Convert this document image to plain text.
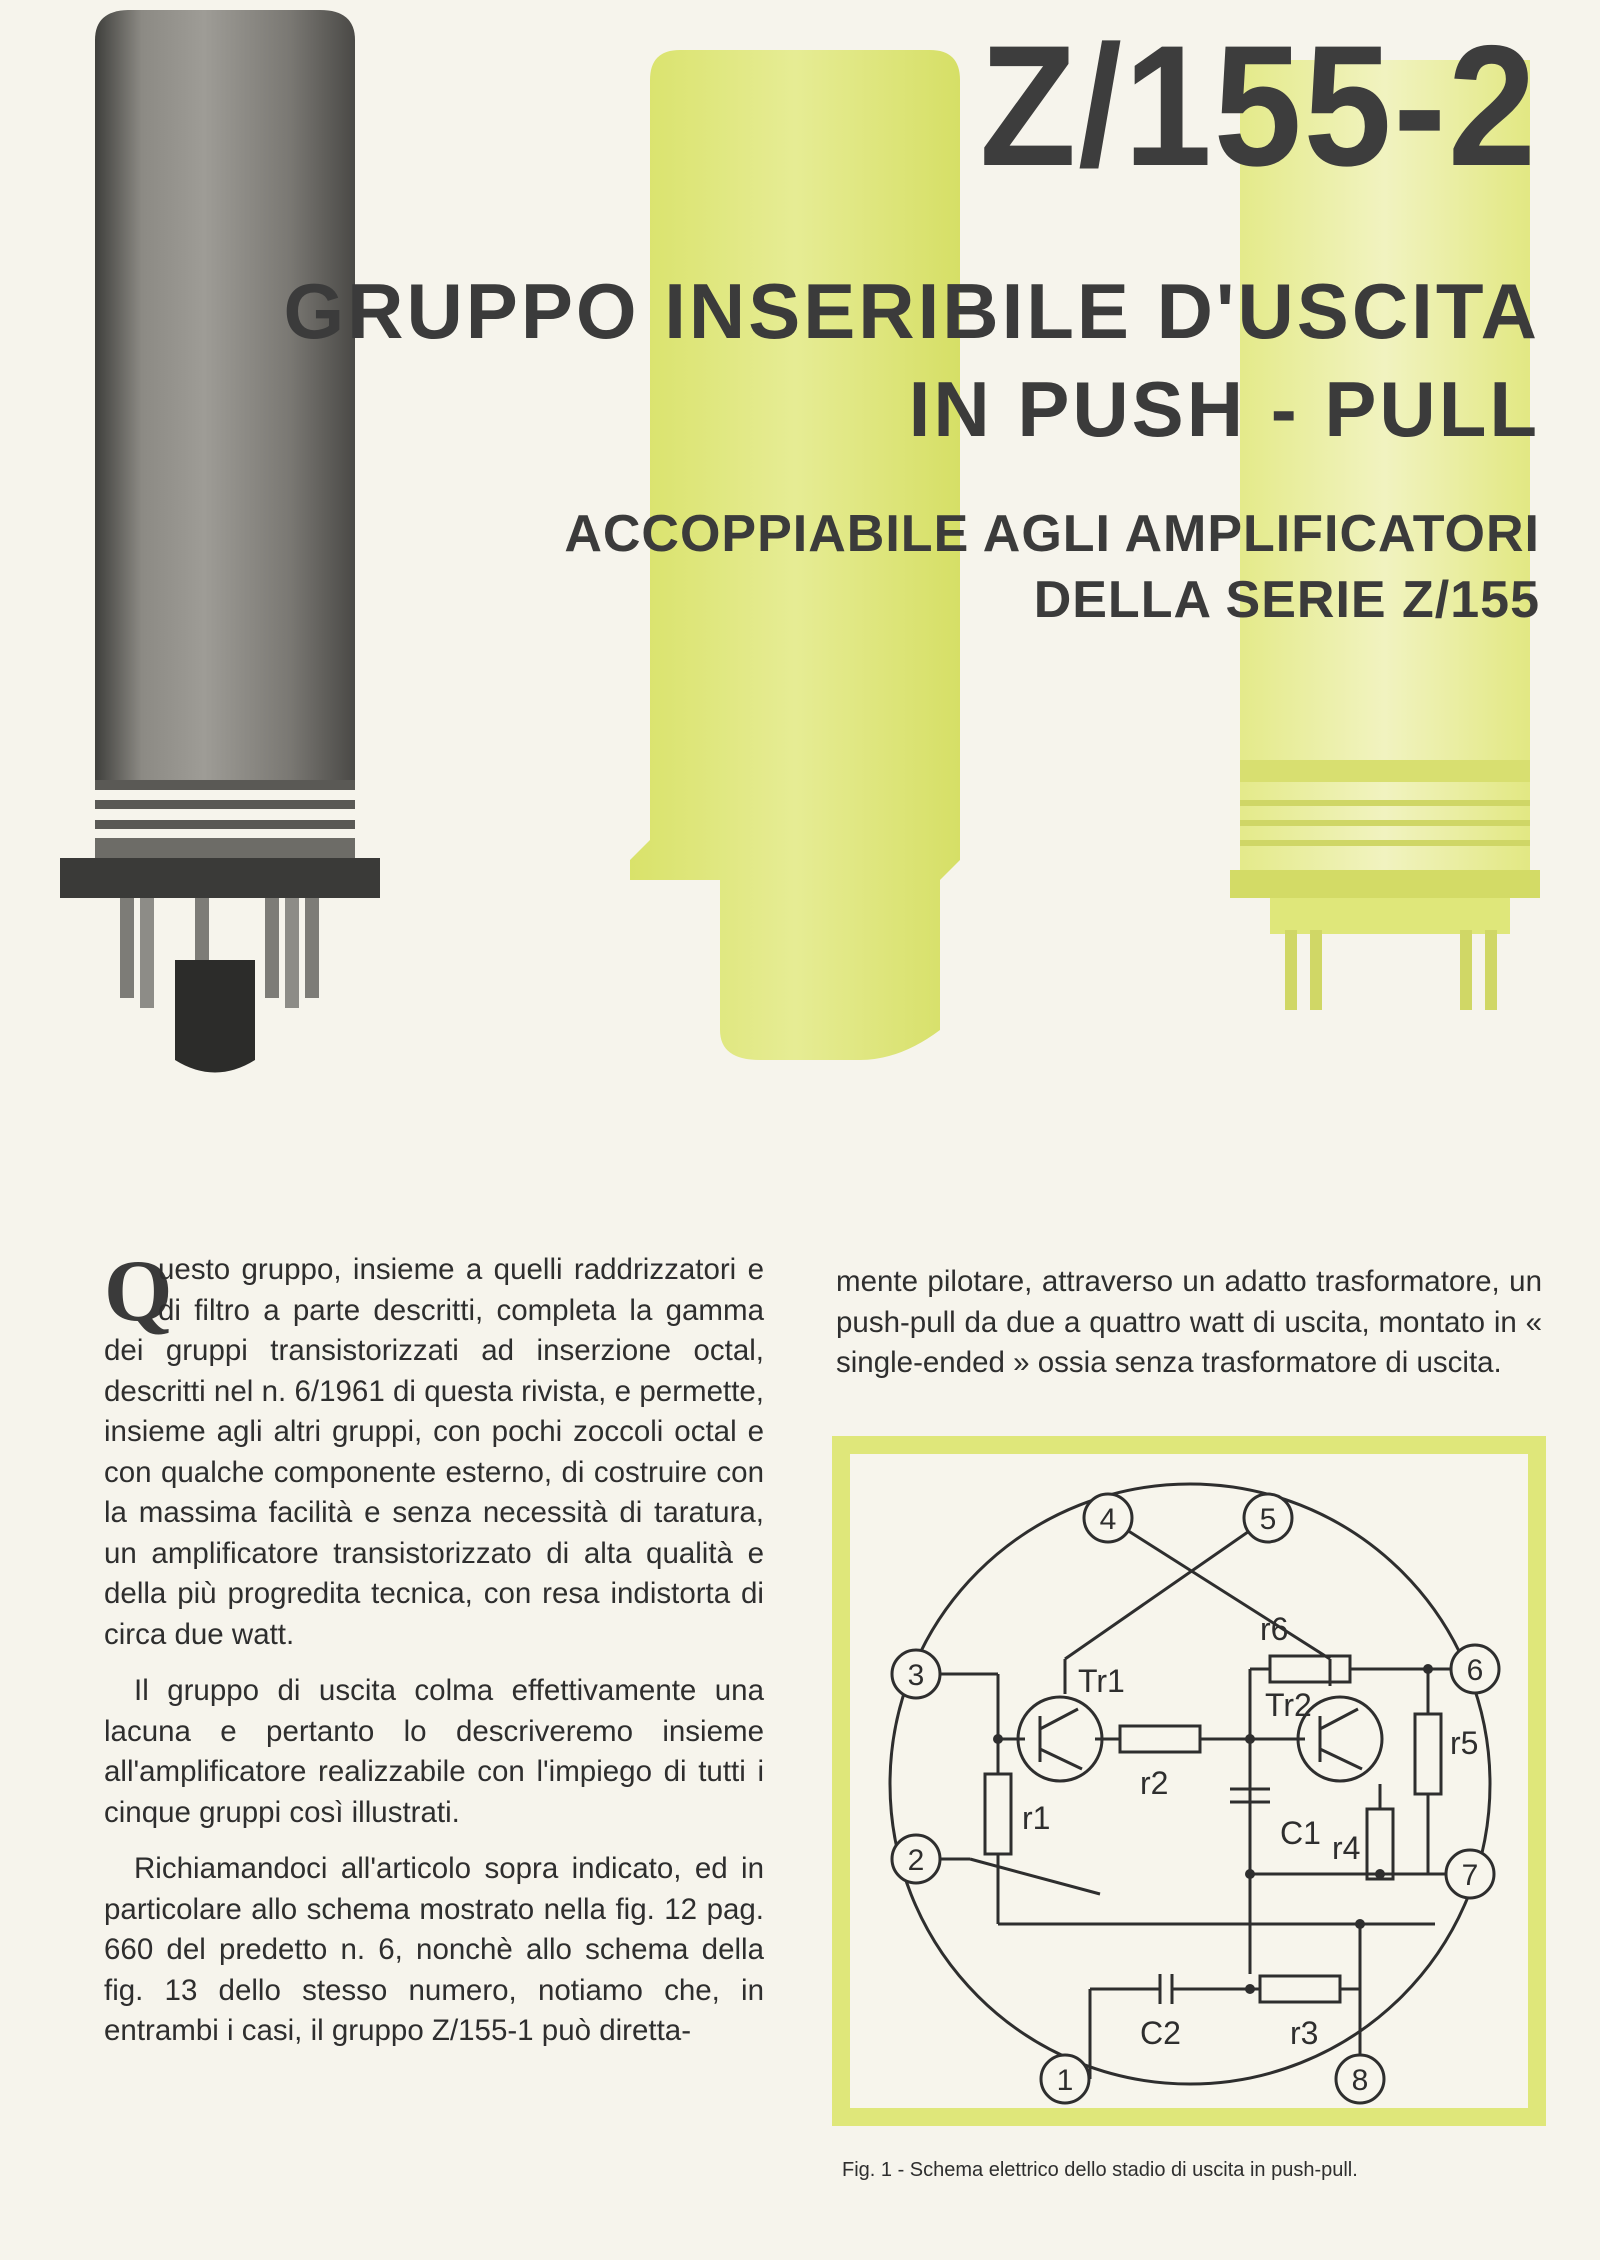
Z/155-2
GRUPPO INSERIBILE D'USCITA
IN PUSH - PULL
ACCOPPIABILE AGLI AMPLIFICATORI
DELLA SERIE Z/155

Q
uesto gruppo, insieme a quelli raddrizzatori e di filtro a parte descritti, completa la gamma dei gruppi transistorizzati ad inserzione octal, descritti nel n. 6/1961 di questa rivista, e permette, insieme agli altri gruppi, con pochi zoccoli octal e con qualche componente esterno, di costruire con la massima facilità e senza necessità di taratura, un amplificatore transistorizzato di alta qualità e della più progredita tecnica, con resa indistorta di circa due watt.

Il gruppo di uscita colma effettivamente una lacuna e pertanto lo descriveremo insieme all'amplificatore realizzabile con l'impiego di tutti i cinque gruppi così illustrati.

Richiamandoci all'articolo sopra indicato, ed in particolare allo schema mostrato nella fig. 12 pag. 660 del predetto n. 6, nonchè allo schema della fig. 13 dello stesso numero, notiamo che, in entrambi i casi, il gruppo Z/155-1 può diretta-

mente pilotare, attraverso un adatto trasformatore, un push-pull da due a quattro watt di uscita, montato in « single-ended » ossia senza trasformatore di uscita.

1
2
3
4	5
6
7
8
Tr1
Tr2
r1
r2
r3
r4
r5
r6
C1
C2
Fig. 1 - Schema elettrico dello stadio di uscita in push-pull.
